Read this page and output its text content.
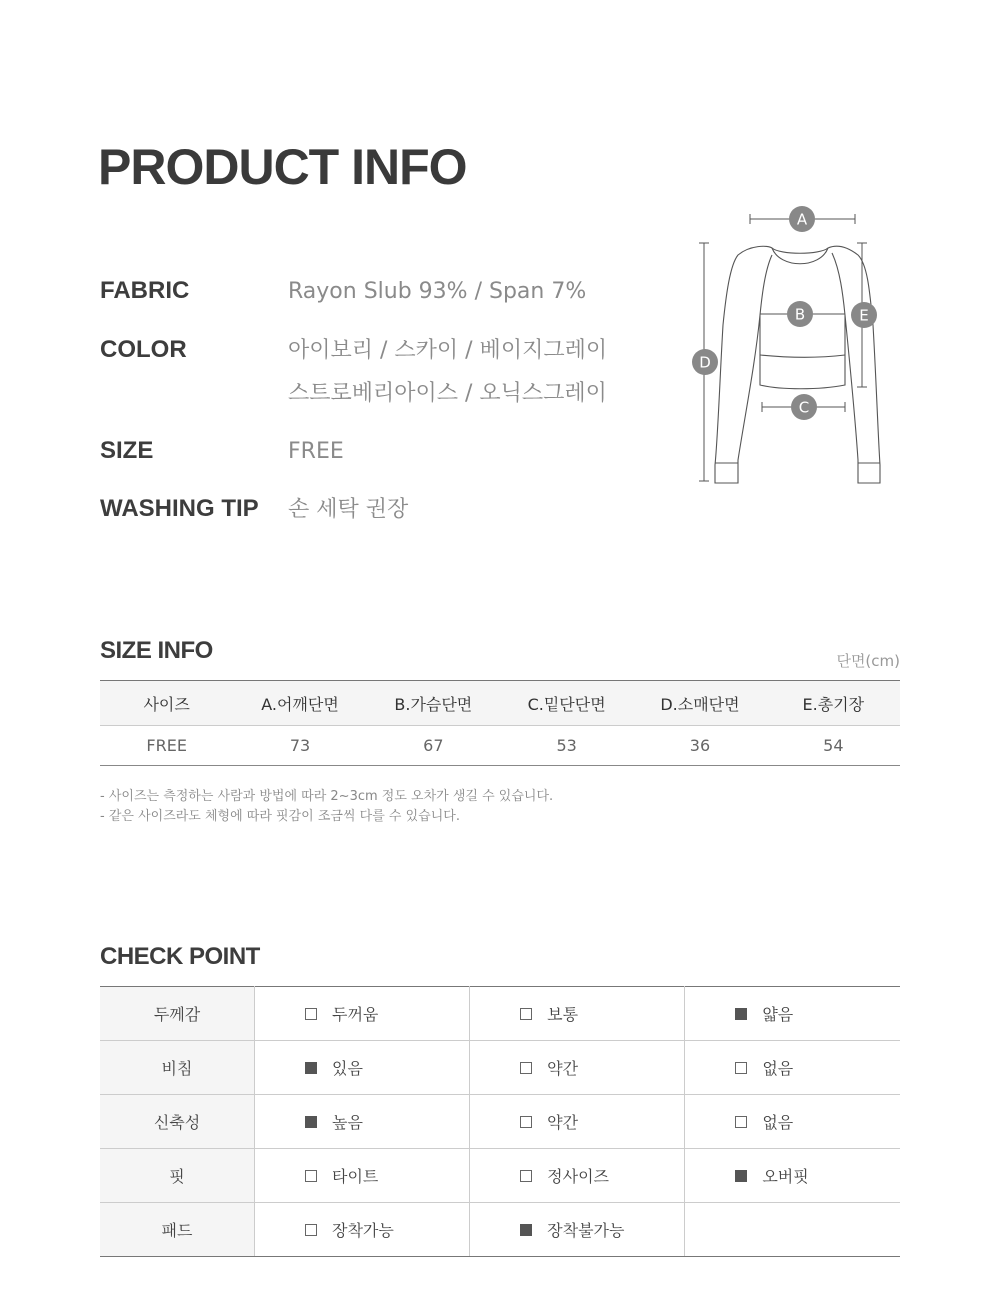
PRODUCT INFO
FABRIC	Rayon Slub 93% / Span 7%
COLOR	아이보리 / 스카이 / 베이지그레이
스트로베리아이스 / 오닉스그레이
SIZE	FREE
WASHING TIP 손 세탁 권장
A
B
C
D
E
SIZE INFO	단면(cm)
사이즈	A.어깨단면	B.가슴단면	C.밑단단면	D.소매단면	E.총기장
FREE	73	67	53	36	54
- 사이즈는 측정하는 사람과 방법에 따라 2~3cm 정도 오차가 생길 수 있습니다.
- 같은 사이즈라도 체형에 따라 핏감이 조금씩 다를 수 있습니다.
CHECK POINT
두께감	두꺼움	보통	얇음
비침	있음	약간	없음
신축성	높음	약간	없음
핏	타이트	정사이즈	오버핏
패드	장착가능	장착불가능	
